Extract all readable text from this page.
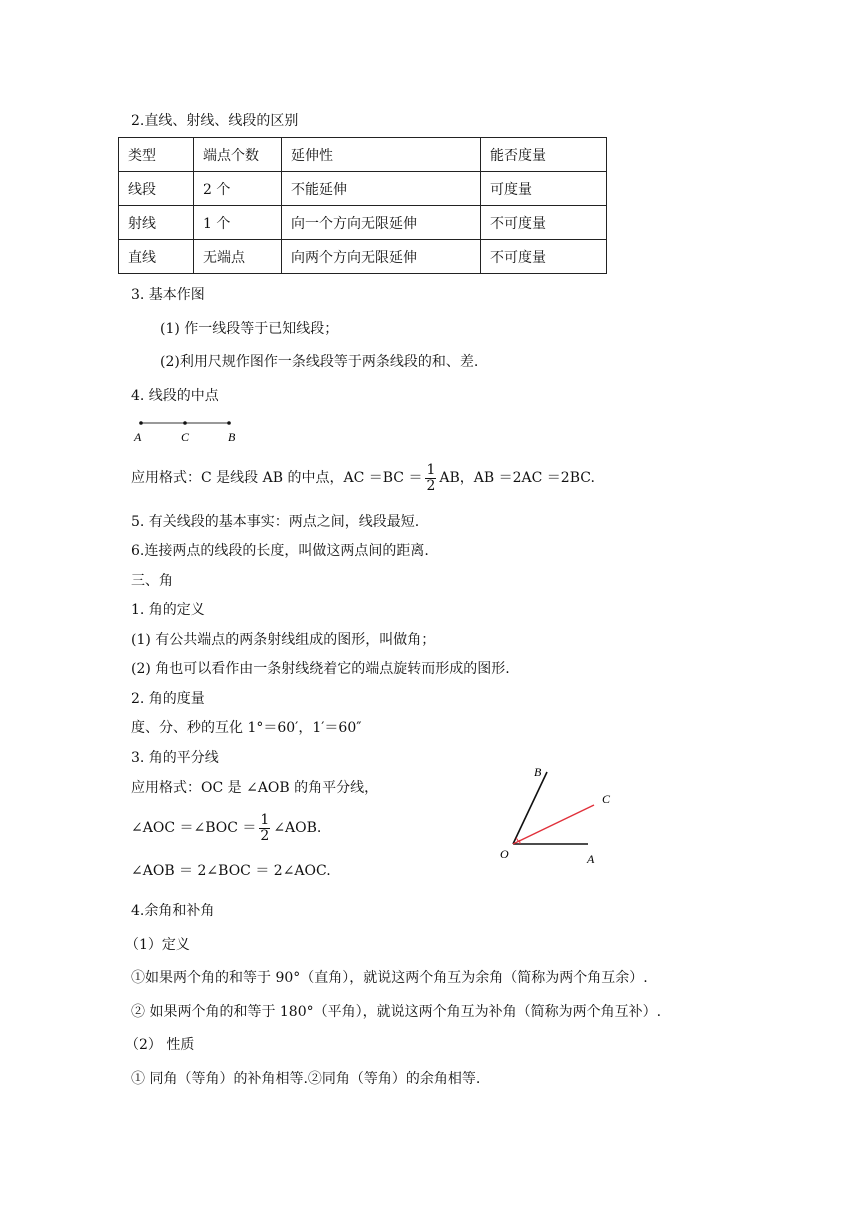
2.直线、射线、线段的区别
类型	端点个数	延伸性	能否度量
线段	2 个	不能延伸	可度量
射线	1 个	向一个方向无限延伸	不可度量
直线	无端点	向两个方向无限延伸	不可度量
3. 基本作图
(1) 作一线段等于已知线段；
(2)利用尺规作图作一条线段等于两条线段的和、差.
4. 线段的中点
A	C	B
应用格式：C 是线段 AB 的中点，AC $=BC = \frac{1}{2}$ AB，AB ＝2AC ＝2BC.
5. 有关线段的基本事实：两点之间，线段最短.
6.连接两点的线段的长度，叫做这两点间的距离.
三、角
1. 角的定义
(1) 有公共端点的两条射线组成的图形，叫做角；
(2) 角也可以看作由一条射线绕着它的端点旋转而形成的图形.
2. 角的度量
度、分、秒的互化 1°＝60′，1′＝60″
3. 角的平分线
应用格式：OC 是 ∠AOB 的角平分线，
∠AOC ＝∠BOC ＝ $\frac{1}{2}$ ∠AOB.
∠AOB ＝ 2∠BOC ＝ 2∠AOC.
B
C
O	A
4.余角和补角
（1）定义
①如果两个角的和等于 90°（直角），就说这两个角互为余角（简称为两个角互余）.
② 如果两个角的和等于 180°（平角），就说这两个角互为补角（简称为两个角互补）.
（2） 性质
① 同角（等角）的补角相等.②同角（等角）的余角相等.
